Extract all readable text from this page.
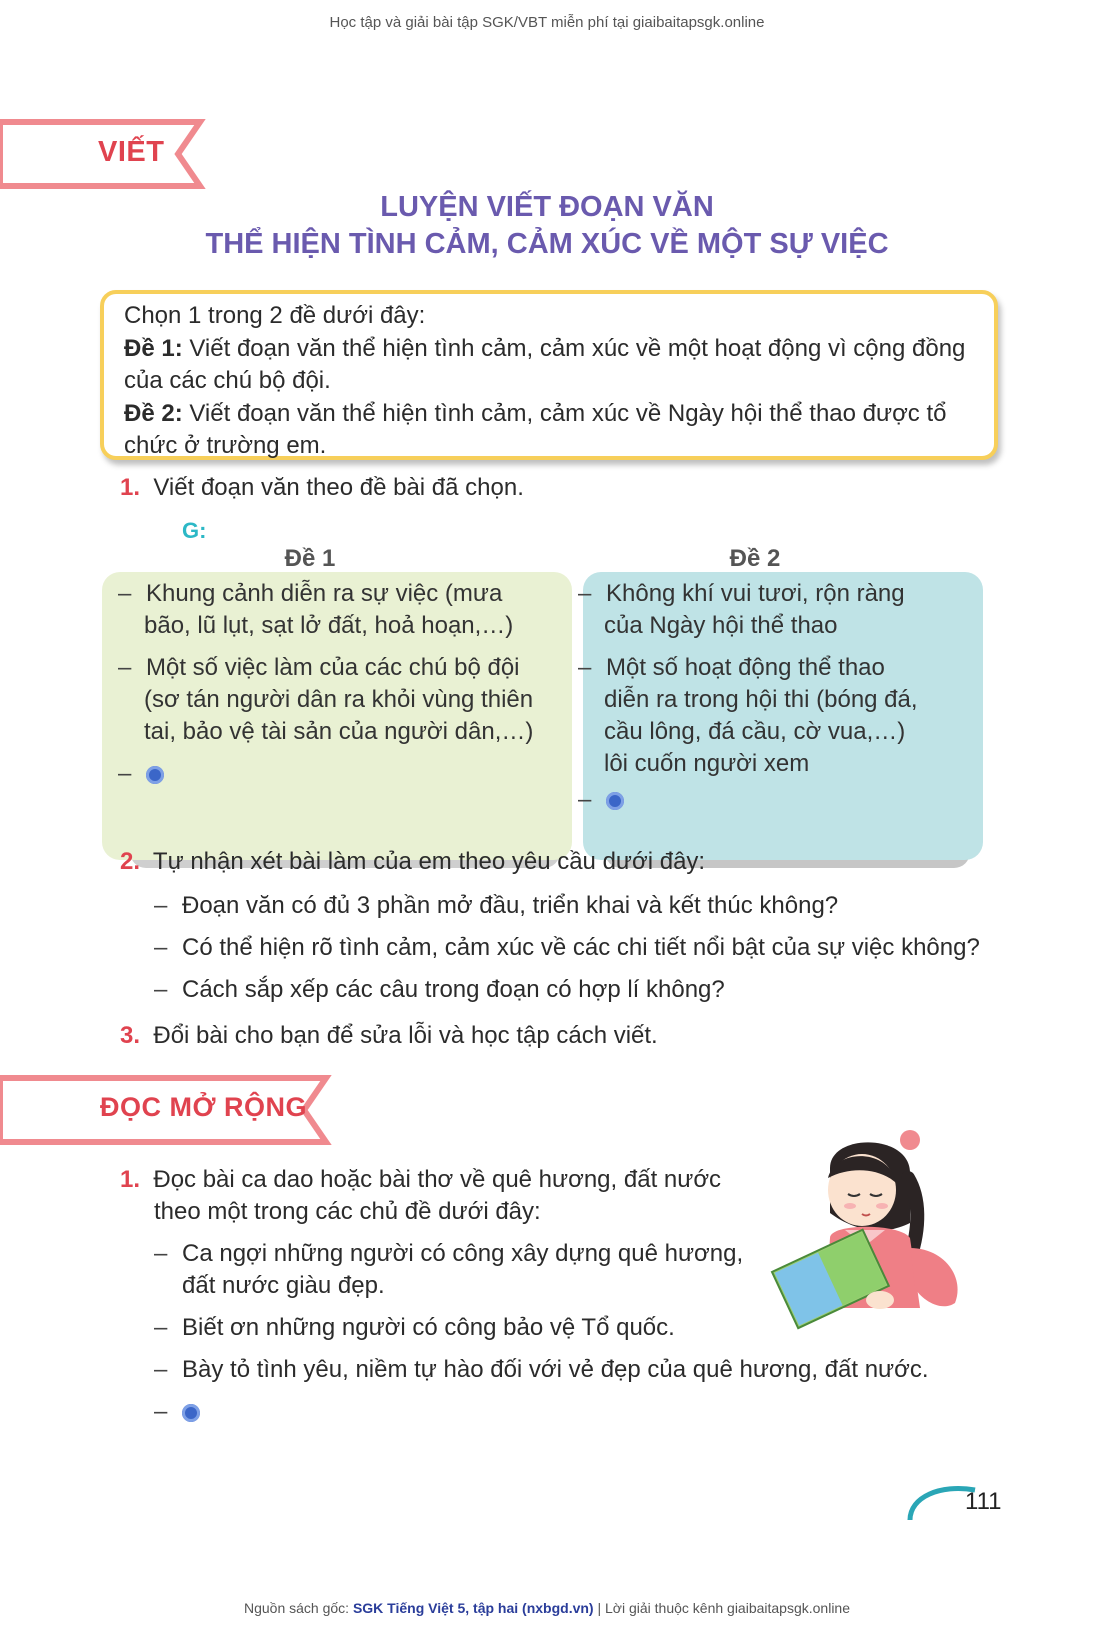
Học tập và giải bài tập SGK/VBT miễn phí tại giaibaitapsgk.online
VIẾT
LUYỆN VIẾT ĐOẠN VĂN
THỂ HIỆN TÌNH CẢM, CẢM XÚC VỀ MỘT SỰ VIỆC
Chọn 1 trong 2 đề dưới đây:
Đề 1: Viết đoạn văn thể hiện tình cảm, cảm xúc về một hoạt động vì cộng đồng của các chú bộ đội.
Đề 2: Viết đoạn văn thể hiện tình cảm, cảm xúc về Ngày hội thể thao được tổ chức ở trường em.
1. Viết đoạn văn theo đề bài đã chọn.
G:
Đề 1	Đề 2
– Khung cảnh diễn ra sự việc (mưa
bão, lũ lụt, sạt lở đất, hoả hoạn,…)
– Một số việc làm của các chú bộ đội
(sơ tán người dân ra khỏi vùng thiên
tai, bảo vệ tài sản của người dân,…)
–
– Không khí vui tươi, rộn ràng
của Ngày hội thể thao
– Một số hoạt động thể thao
diễn ra trong hội thi (bóng đá,
cầu lông, đá cầu, cờ vua,…)
lôi cuốn người xem
–
2. Tự nhận xét bài làm của em theo yêu cầu dưới đây:
– Đoạn văn có đủ 3 phần mở đầu, triển khai và kết thúc không?
– Có thể hiện rõ tình cảm, cảm xúc về các chi tiết nổi bật của sự việc không?
– Cách sắp xếp các câu trong đoạn có hợp lí không?
3. Đổi bài cho bạn để sửa lỗi và học tập cách viết.
ĐỌC MỞ RỘNG
1. Đọc bài ca dao hoặc bài thơ về quê hương, đất nước
theo một trong các chủ đề dưới đây:
– Ca ngợi những người có công xây dựng quê hương,
đất nước giàu đẹp.
– Biết ơn những người có công bảo vệ Tổ quốc.
– Bày tỏ tình yêu, niềm tự hào đối với vẻ đẹp của quê hương, đất nước.
–
111
Nguồn sách gốc: SGK Tiếng Việt 5, tập hai (nxbgd.vn) | Lời giải thuộc kênh giaibaitapsgk.online
